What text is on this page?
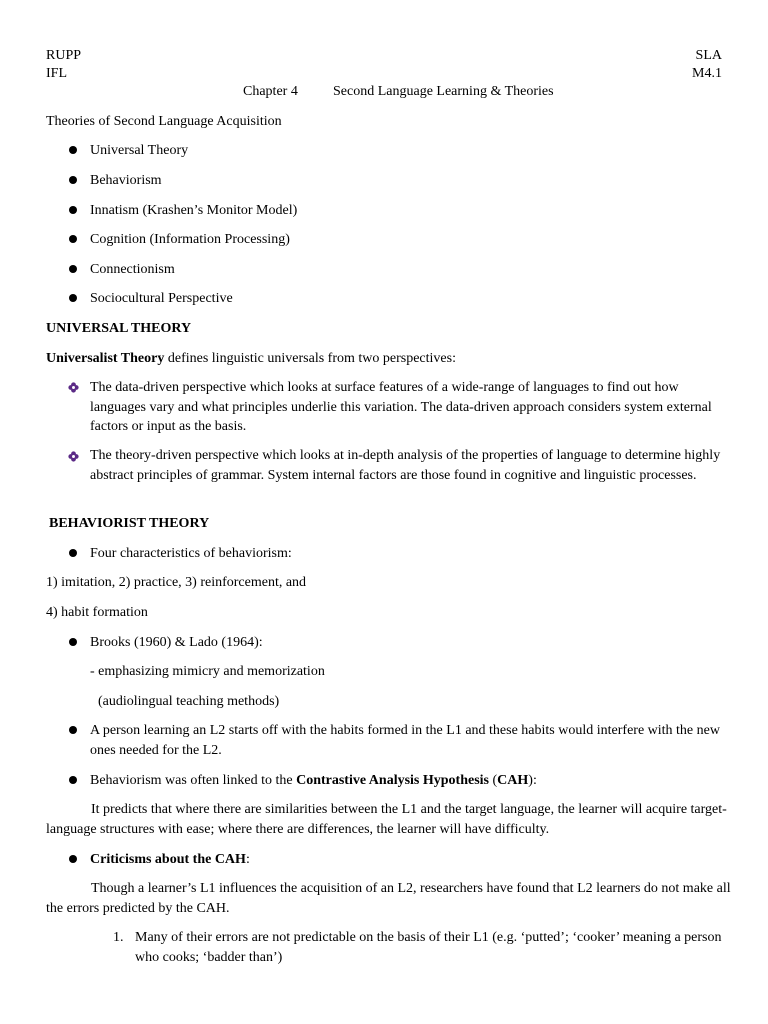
RUPP
IFL
SLA
M4.1
Chapter 4	Second Language Learning & Theories
Theories of Second Language Acquisition
Universal Theory
Behaviorism
Innatism (Krashen’s Monitor Model)
Cognition (Information Processing)
Connectionism
Sociocultural Perspective
UNIVERSAL THEORY
Universalist Theory defines linguistic universals from two perspectives:
The data-driven perspective which looks at surface features of a wide-range of languages to find out how languages vary and what principles underlie this variation. The data-driven approach considers system external factors or input as the basis.
The theory-driven perspective which looks at in-depth analysis of the properties of language to determine highly abstract principles of grammar. System internal factors are those found in cognitive and linguistic processes.
BEHAVIORIST THEORY
Four characteristics of behaviorism:
1) imitation, 2) practice, 3) reinforcement, and
4) habit formation
Brooks (1960) & Lado (1964):
- emphasizing mimicry and memorization
(audiolingual teaching methods)
A person learning an L2 starts off with the habits formed in the L1 and these habits would interfere with the new ones needed for the L2.
Behaviorism was often linked to the Contrastive Analysis Hypothesis (CAH):
It predicts that where there are similarities between the L1 and the target language, the learner will acquire target-language structures with ease; where there are differences, the learner will have difficulty.
Criticisms about the CAH:
Though a learner’s L1 influences the acquisition of an L2, researchers have found that L2 learners do not make all the errors predicted by the CAH.
1. Many of their errors are not predictable on the basis of their L1 (e.g. ‘putted’; ‘cooker’ meaning a person who cooks; ‘badder than’)
